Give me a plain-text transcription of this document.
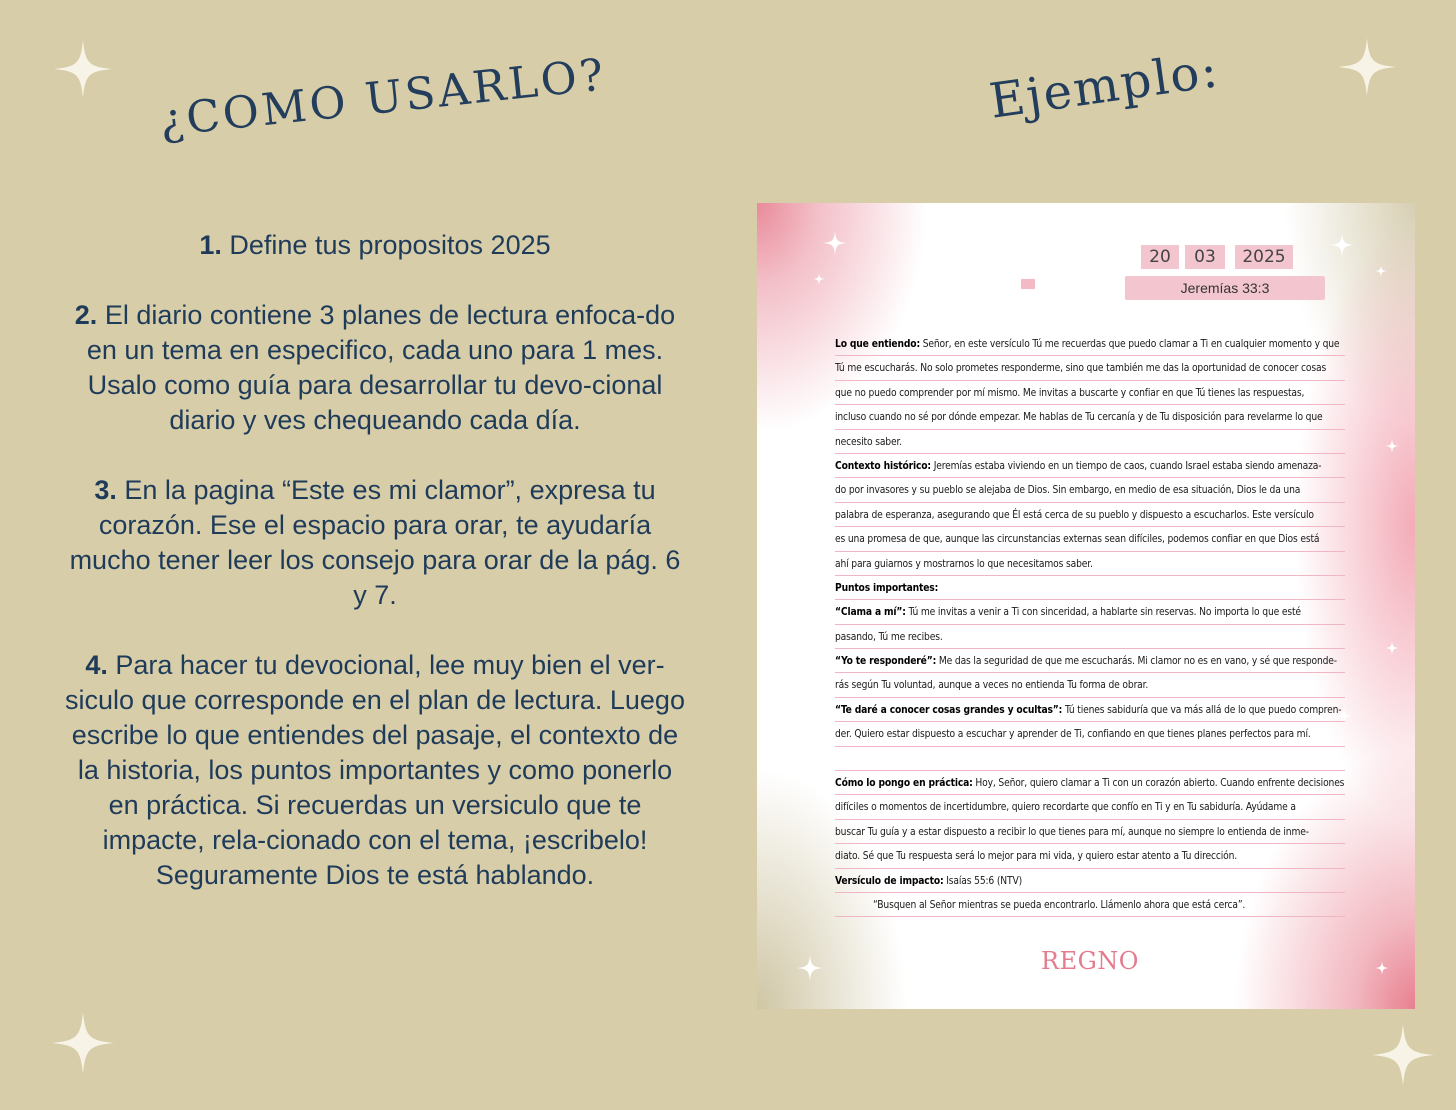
¿COMO USARLO?

1. Define tus propositos 2025

2. El diario contiene 3 planes de lectura enfoca-do en un tema en especifico, cada uno para 1 mes. Usalo como guía para desarrollar tu devo-cional diario y ves chequeando cada día.

3. En la pagina “Este es mi clamor”, expresa tu corazón. Ese el espacio para orar, te ayudaría mucho tener leer los consejo para orar de la pág. 6 y 7.

4. Para hacer tu devocional, lee muy bien el ver-siculo que corresponde en el plan de lectura. Luego escribe lo que entiendes del pasaje, el contexto de la historia, los puntos importantes y como ponerlo en práctica. Si recuerdas un versiculo que te impacte, rela-cionado con el tema, ¡escribelo! Seguramente Dios te está hablando.

Ejemplo:
20	03	2025
Jeremías 33:3
Lo que entiendo: Señor, en este versículo Tú me recuerdas que puedo clamar a Ti en cualquier momento y que
Tú me escucharás. No solo prometes responderme, sino que también me das la oportunidad de conocer cosas
que no puedo comprender por mí mismo. Me invitas a buscarte y confiar en que Tú tienes las respuestas,
incluso cuando no sé por dónde empezar. Me hablas de Tu cercanía y de Tu disposición para revelarme lo que
necesito saber.
Contexto histórico: Jeremías estaba viviendo en un tiempo de caos, cuando Israel estaba siendo amenaza-
do por invasores y su pueblo se alejaba de Dios. Sin embargo, en medio de esa situación, Dios le da una
palabra de esperanza, asegurando que Él está cerca de su pueblo y dispuesto a escucharlos. Este versículo
es una promesa de que, aunque las circunstancias externas sean difíciles, podemos confiar en que Dios está
ahí para guiarnos y mostrarnos lo que necesitamos saber.
Puntos importantes:
“Clama a mí”: Tú me invitas a venir a Ti con sinceridad, a hablarte sin reservas. No importa lo que esté
pasando, Tú me recibes.
“Yo te responderé”: Me das la seguridad de que me escucharás. Mi clamor no es en vano, y sé que responde-
rás según Tu voluntad, aunque a veces no entienda Tu forma de obrar.
“Te daré a conocer cosas grandes y ocultas”: Tú tienes sabiduría que va más allá de lo que puedo compren-
der. Quiero estar dispuesto a escuchar y aprender de Ti, confiando en que tienes planes perfectos para mí.
Cómo lo pongo en práctica: Hoy, Señor, quiero clamar a Ti con un corazón abierto. Cuando enfrente decisiones
difíciles o momentos de incertidumbre, quiero recordarte que confío en Ti y en Tu sabiduría. Ayúdame a
buscar Tu guía y a estar dispuesto a recibir lo que tienes para mí, aunque no siempre lo entienda de inme-
diato. Sé que Tu respuesta será lo mejor para mi vida, y quiero estar atento a Tu dirección.
Versículo de impacto: Isaías 55:6 (NTV)
“Busquen al Señor mientras se pueda encontrarlo. Llámenlo ahora que está cerca”.
REGNO
